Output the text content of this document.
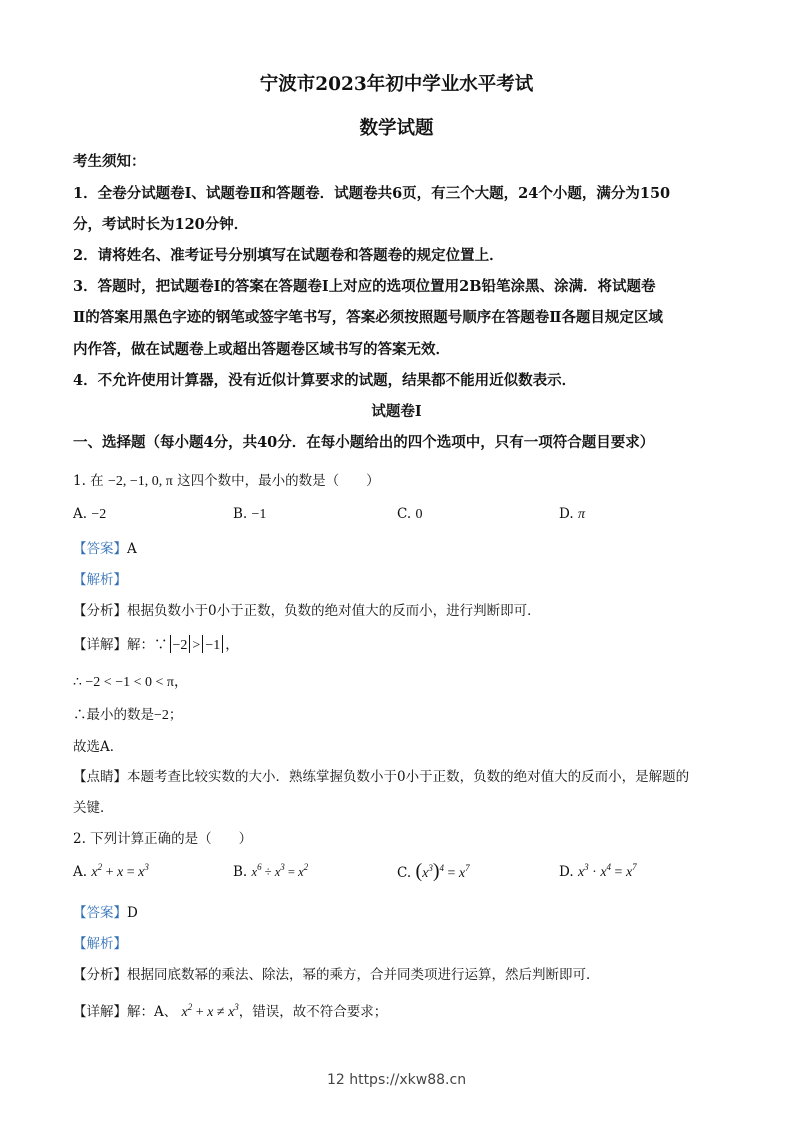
宁波市2023年初中学业水平考试
数学试题
考生须知：
1．全卷分试题卷Ⅰ、试题卷Ⅱ和答题卷．试题卷共6页，有三个大题，24个小题，满分为150
分，考试时长为120分钟．
2．请将姓名、准考证号分别填写在试题卷和答题卷的规定位置上．
3．答题时，把试题卷Ⅰ的答案在答题卷Ⅰ上对应的选项位置用2B铅笔涂黑、涂满．将试题卷
Ⅱ的答案用黑色字迹的钢笔或签字笔书写，答案必须按照题号顺序在答题卷Ⅱ各题目规定区域
内作答，做在试题卷上或超出答题卷区域书写的答案无效．
4．不允许使用计算器，没有近似计算要求的试题，结果都不能用近似数表示．
试题卷Ⅰ
一、选择题（每小题4分，共40分．在每小题给出的四个选项中，只有一项符合题目要求）
1. 在 −2, −1, 0, π 这四个数中，最小的数是（　　）
A. −2	B. −1	C. 0	D. π
【答案】A
【解析】
【分析】根据负数小于0小于正数，负数的绝对值大的反而小，进行判断即可．
【详解】解：∵ −2 > −1 ，
∴ −2 < −1 < 0 < π，
∴最小的数是−2；
故选A．
【点睛】本题考查比较实数的大小．熟练掌握负数小于0小于正数，负数的绝对值大的反而小，是解题的
关键．
2. 下列计算正确的是（　　）
A. $x^2 + x = x^3$	B. $x^6 \div x^3 = x^2$	C. $(x^3)^4 = x^7$	D. $x^3 \cdot x^4 = x^7$
【答案】D
【解析】
【分析】根据同底数幂的乘法、除法，幂的乘方，合并同类项进行运算，然后判断即可．
【详解】解：A、 $x^2 + x \ne x^3$，错误，故不符合要求；
12 https://xkw88.cn
